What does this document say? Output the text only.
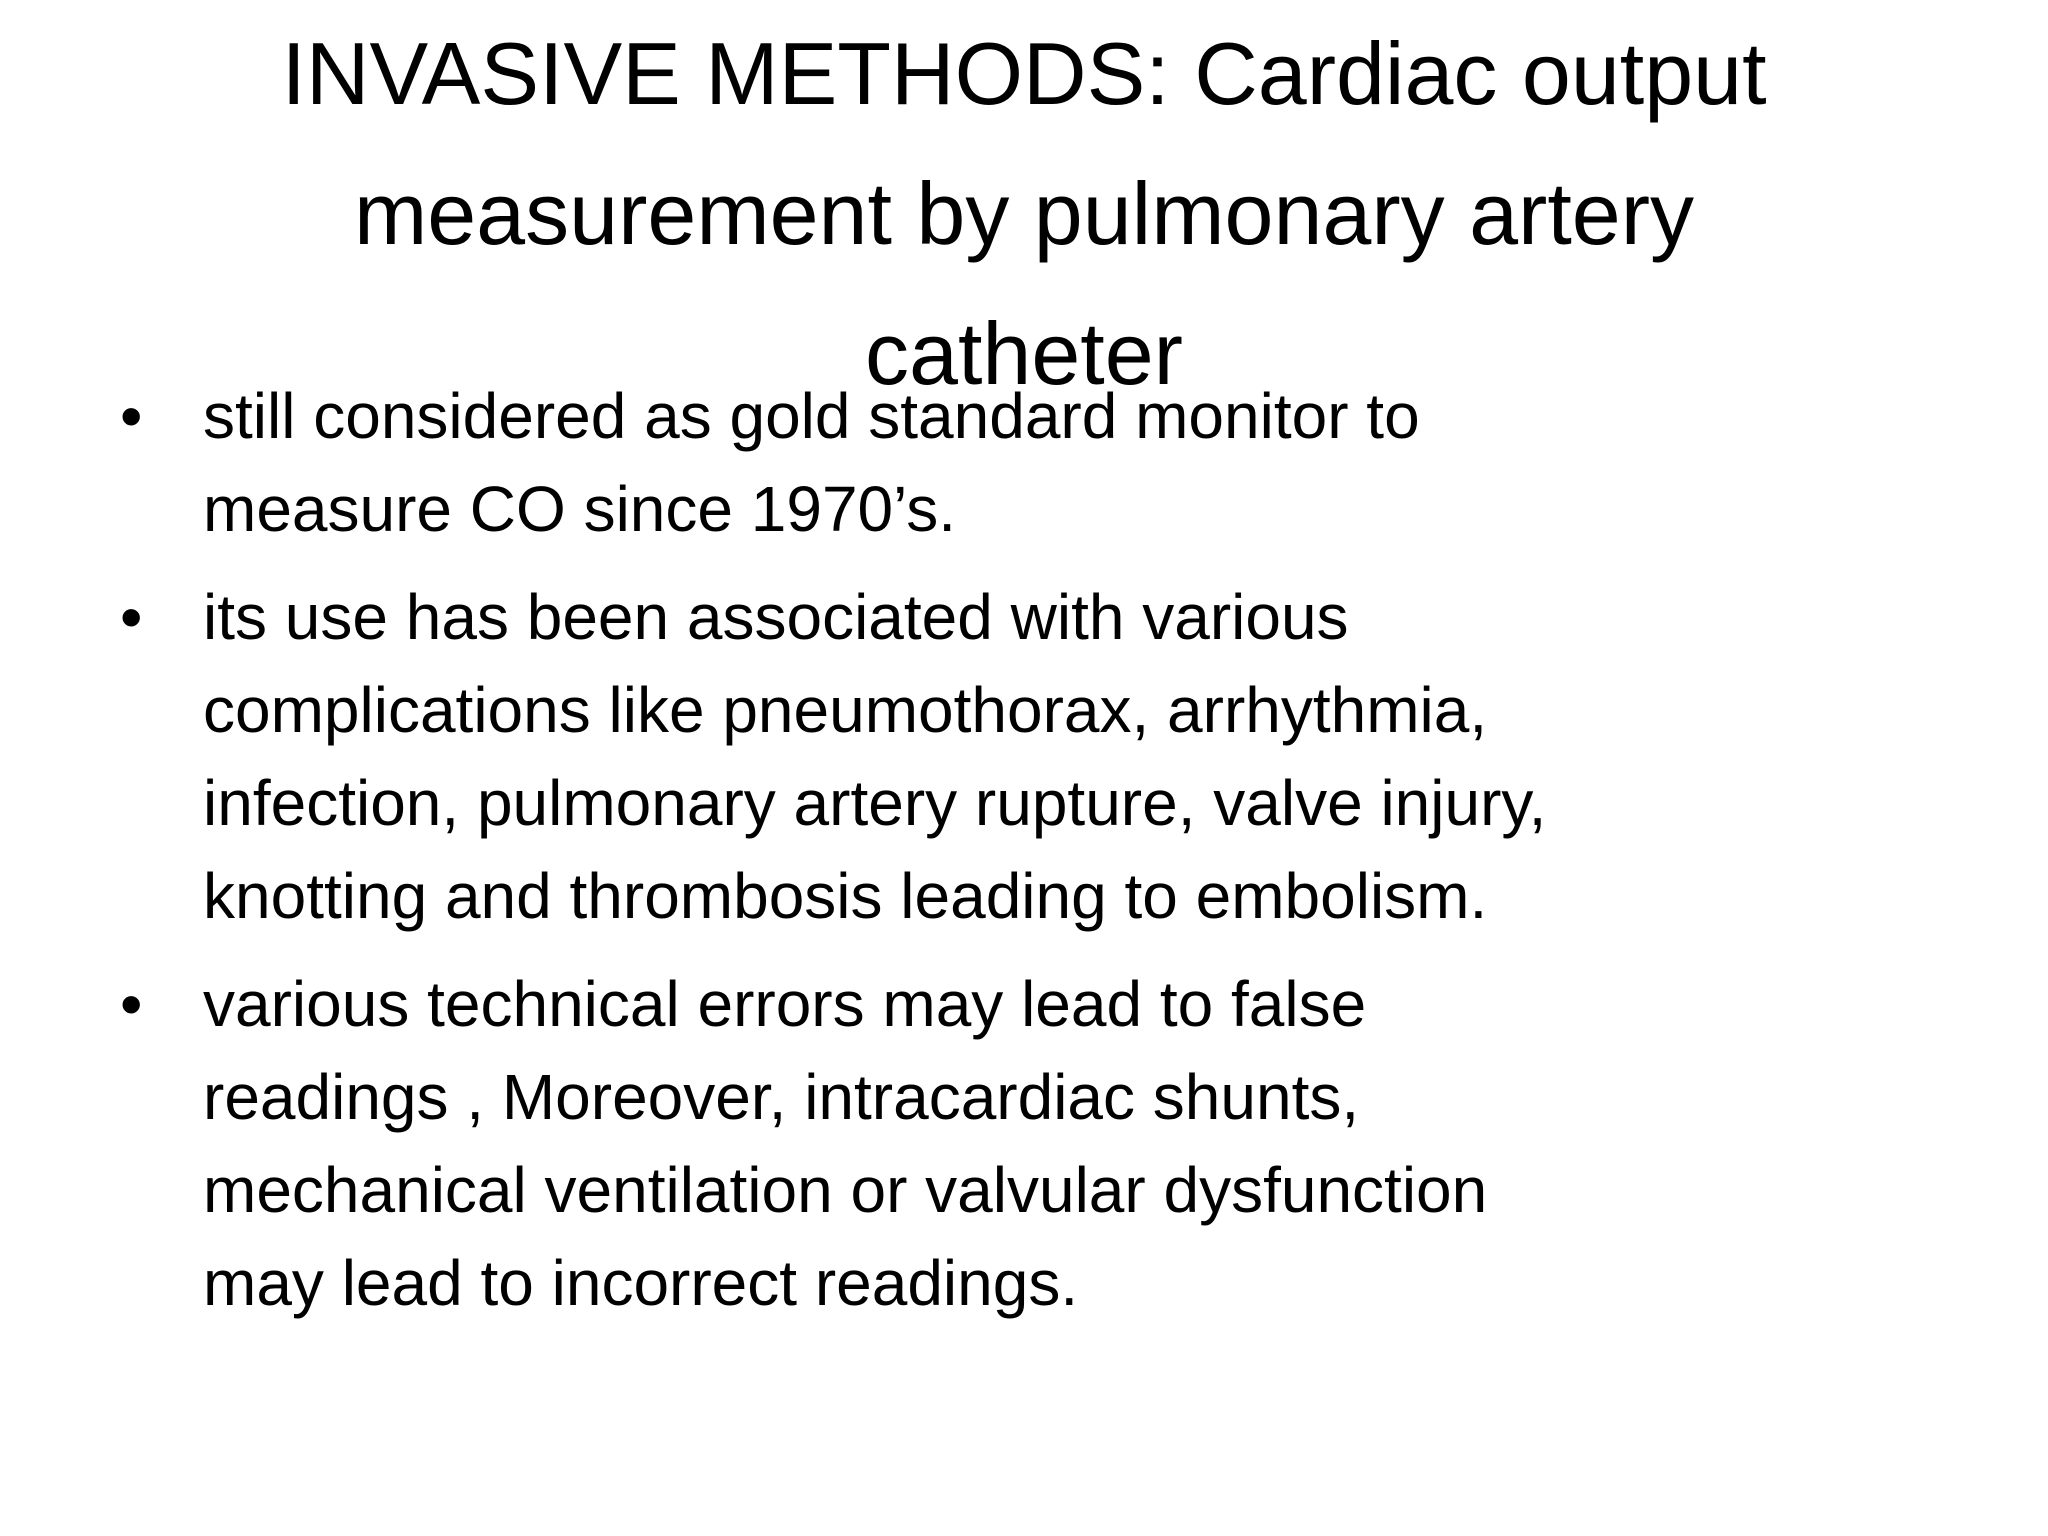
INVASIVE METHODS: Cardiac output
measurement by pulmonary artery
catheter
• still considered as gold standard monitor to
measure CO since 1970’s.
• its use has been associated with various
complications like pneumothorax, arrhythmia,
infection, pulmonary artery rupture, valve injury,
knotting and thrombosis leading to embolism.
• various technical errors may lead to false
readings , Moreover, intracardiac shunts,
mechanical ventilation or valvular dysfunction
may lead to incorrect readings.
